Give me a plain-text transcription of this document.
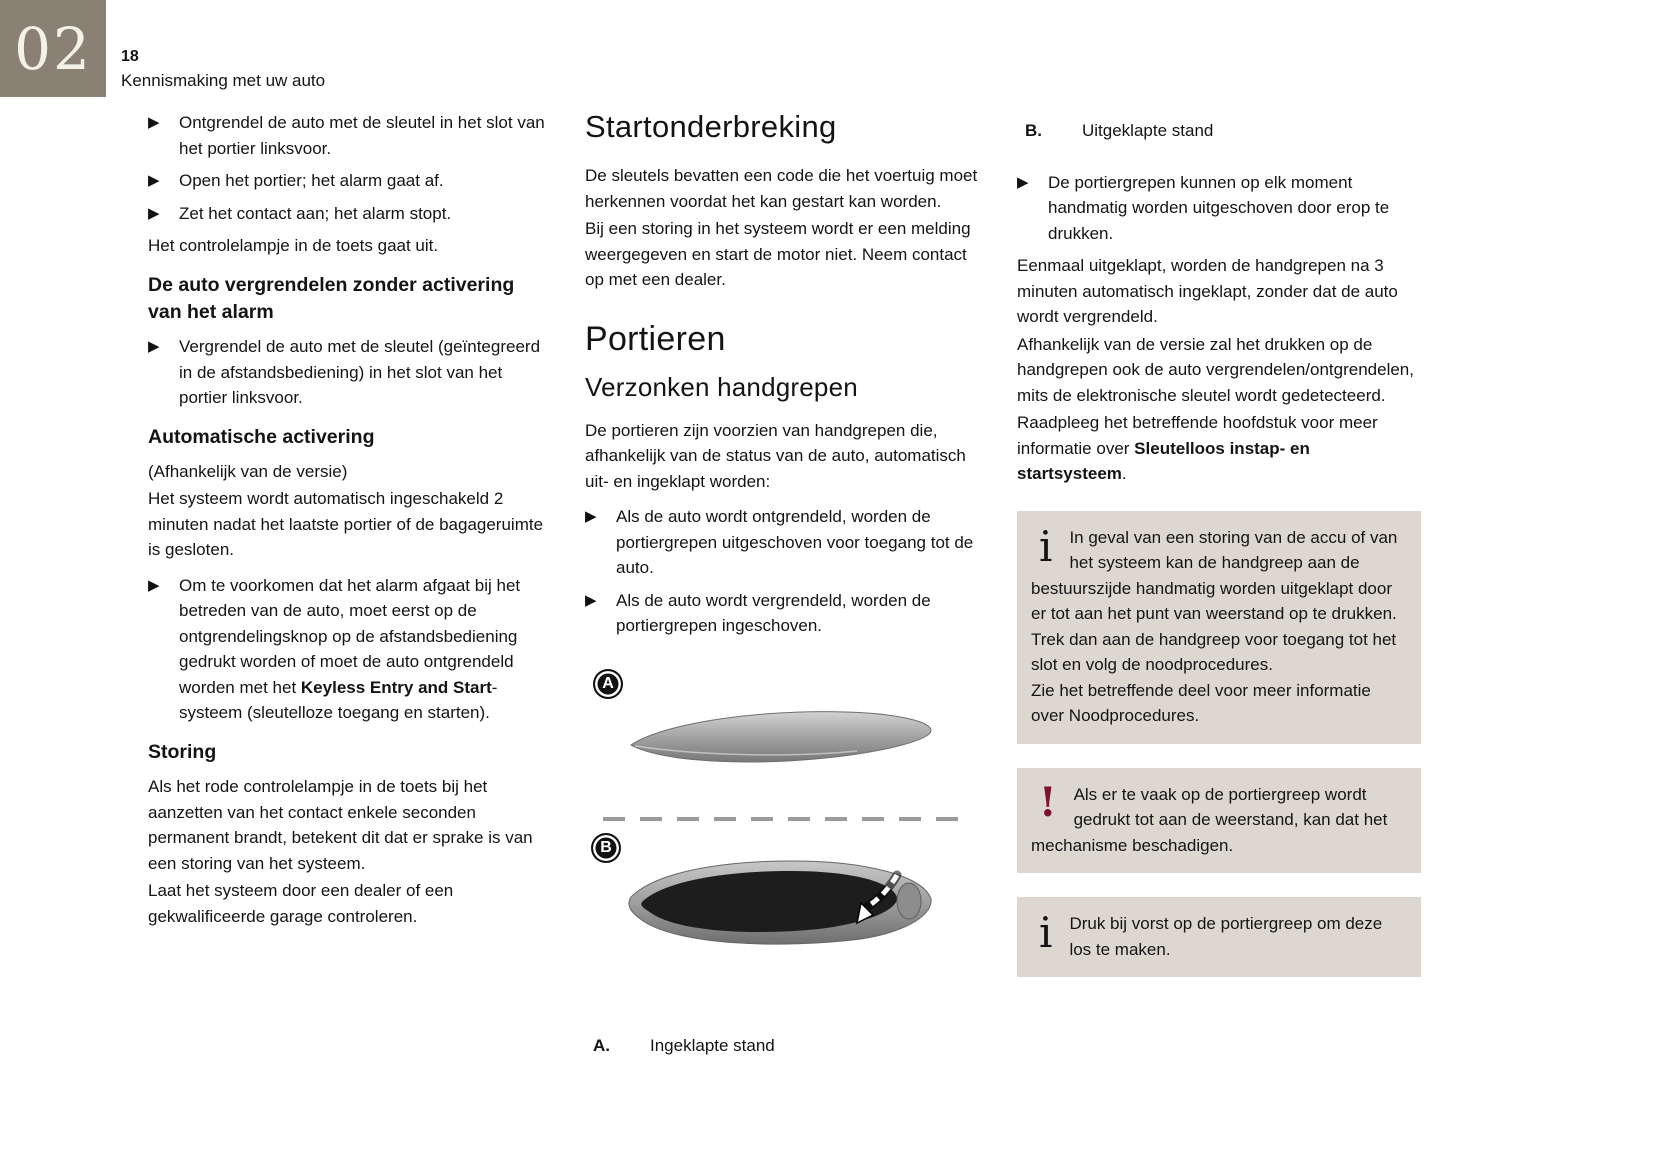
02 18
Kennismaking met uw auto
▶	Ontgrendel de auto met de sleutel in het slot van het portier linksvoor.
▶	Open het portier; het alarm gaat af.
▶	Zet het contact aan; het alarm stopt.

Het controlelampje in de toets gaat uit.

De auto vergrendelen zonder activering van het alarm
▶	Vergrendel de auto met de sleutel (geïntegreerd in de afstandsbediening) in het slot van het portier linksvoor.
Automatische activering

(Afhankelijk van de versie)

Het systeem wordt automatisch ingeschakeld 2 minuten nadat het laatste portier of de bagageruimte is gesloten.

▶	Om te voorkomen dat het alarm afgaat bij het betreden van de auto, moet eerst op de ontgrendelingsknop op de afstandsbediening gedrukt worden of moet de auto ontgrendeld worden met het Keyless Entry and Start-systeem (sleutelloze toegang en starten).
Storing

Als het rode controlelampje in de toets bij het aanzetten van het contact enkele seconden permanent brandt, betekent dit dat er sprake is van een storing van het systeem.

Laat het systeem door een dealer of een gekwalificeerde garage controleren.

Startonderbreking

De sleutels bevatten een code die het voertuig moet herkennen voordat het kan gestart kan worden.

Bij een storing in het systeem wordt er een melding weergegeven en start de motor niet. Neem contact op met een dealer.

Portieren
Verzonken handgrepen

De portieren zijn voorzien van handgrepen die, afhankelijk van de status van de auto, automatisch uit- en ingeklapt worden:

▶	Als de auto wordt ontgrendeld, worden de portiergrepen uitgeschoven voor toegang tot de auto.
▶	Als de auto wordt vergrendeld, worden de portiergrepen ingeschoven.
A
B
A.	Ingeklapte stand
B.	Uitgeklapte stand
▶	De portiergrepen kunnen op elk moment handmatig worden uitgeschoven door erop te drukken.

Eenmaal uitgeklapt, worden de handgrepen na 3 minuten automatisch ingeklapt, zonder dat de auto wordt vergrendeld.

Afhankelijk van de versie zal het drukken op de handgrepen ook de auto vergrendelen/ontgrendelen, mits de elektronische sleutel wordt gedetecteerd.

Raadpleeg het betreffende hoofdstuk voor meer informatie over Sleutelloos instap- en startsysteem.

i	In geval van een storing van de accu of van het systeem kan de handgreep aan de bestuurszijde handmatig worden uitgeklapt door er tot aan het punt van weerstand op te drukken. Trek dan aan de handgreep voor toegang tot het slot en volg de noodprocedures.

Zie het betreffende deel voor meer informatie over Noodprocedures.

!	Als er te vaak op de portiergreep wordt gedrukt tot aan de weerstand, kan dat het mechanisme beschadigen.

i	Druk bij vorst op de portiergreep om deze los te maken.
